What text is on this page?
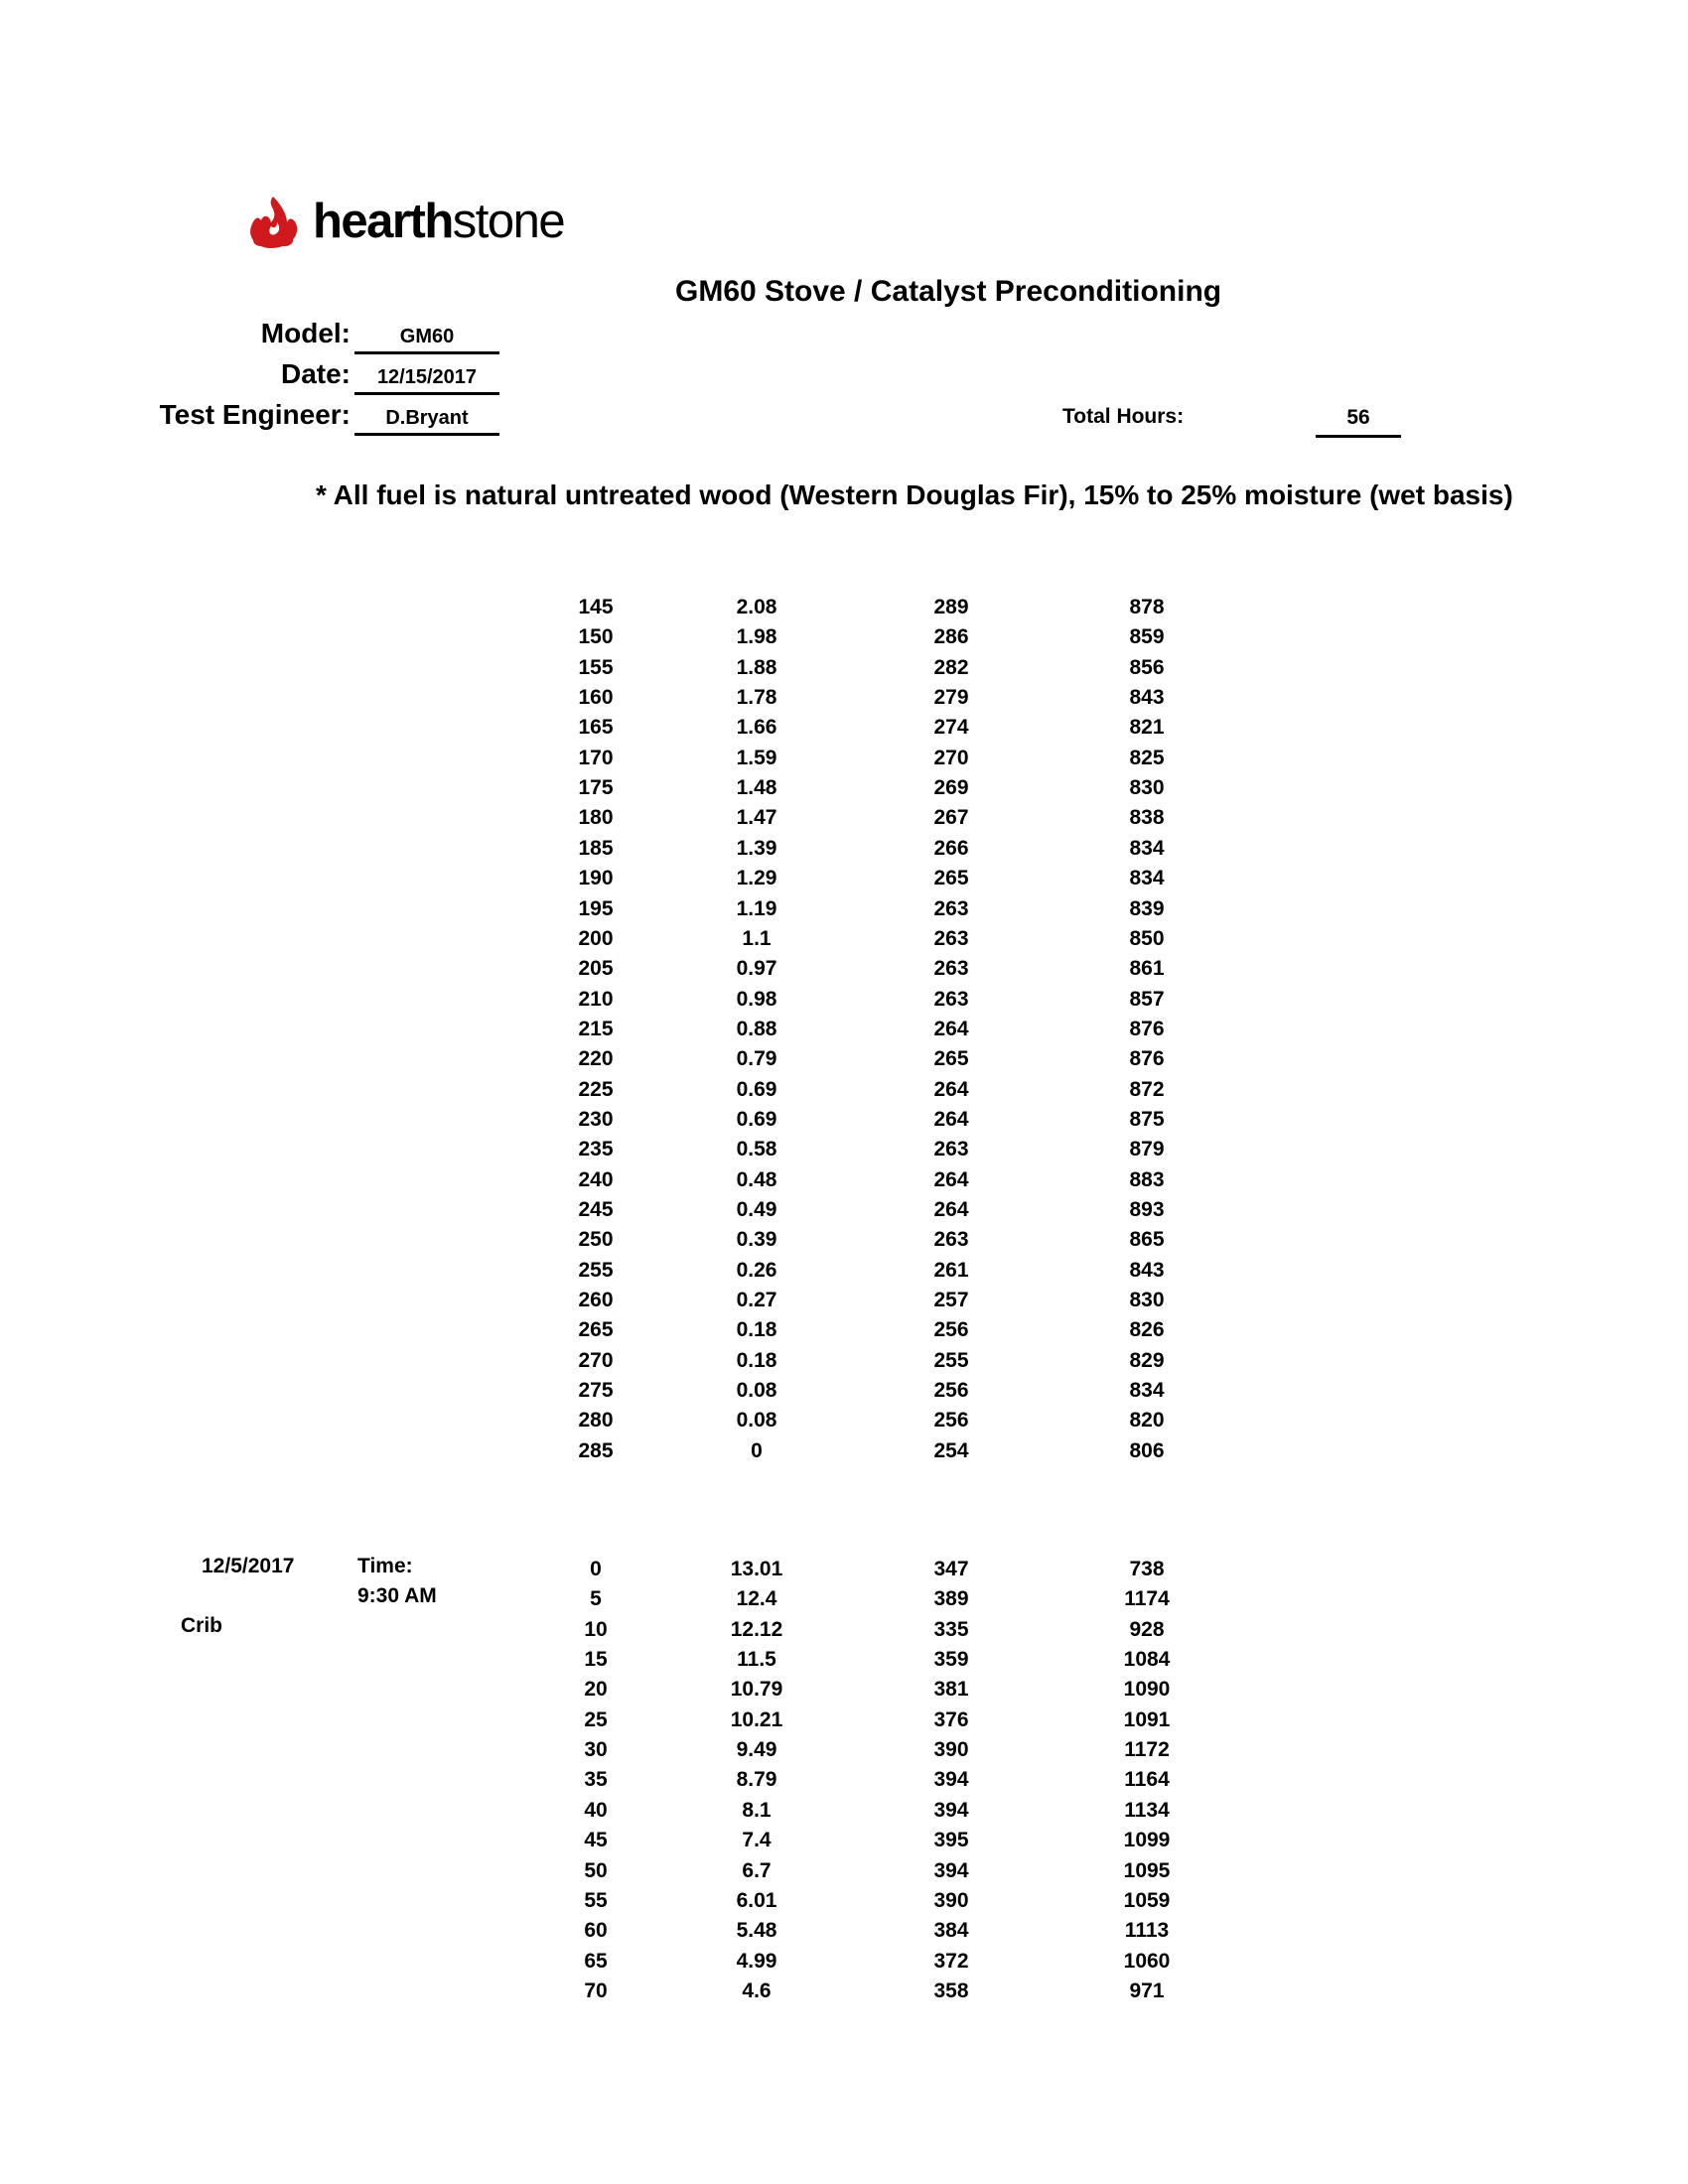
hearthstone
GM60 Stove / Catalyst Preconditioning
Model:	GM60
Date:	12/15/2017
Test Engineer:	D.Bryant	Total Hours:	56
* All fuel is natural untreated wood (Western Douglas Fir), 15% to 25% moisture (wet basis)
145	2.08	289	878
150	1.98	286	859
155	1.88	282	856
160	1.78	279	843
165	1.66	274	821
170	1.59	270	825
175	1.48	269	830
180	1.47	267	838
185	1.39	266	834
190	1.29	265	834
195	1.19	263	839
200	1.1	263	850
205	0.97	263	861
210	0.98	263	857
215	0.88	264	876
220	0.79	265	876
225	0.69	264	872
230	0.69	264	875
235	0.58	263	879
240	0.48	264	883
245	0.49	264	893
250	0.39	263	865
255	0.26	261	843
260	0.27	257	830
265	0.18	256	826
270	0.18	255	829
275	0.08	256	834
280	0.08	256	820
285	0	254	806
12/5/2017	Time:
9:30 AM
Crib
0	13.01	347	738
5	12.4	389	1174
10	12.12	335	928
15	11.5	359	1084
20	10.79	381	1090
25	10.21	376	1091
30	9.49	390	1172
35	8.79	394	1164
40	8.1	394	1134
45	7.4	395	1099
50	6.7	394	1095
55	6.01	390	1059
60	5.48	384	1113
65	4.99	372	1060
70	4.6	358	971
